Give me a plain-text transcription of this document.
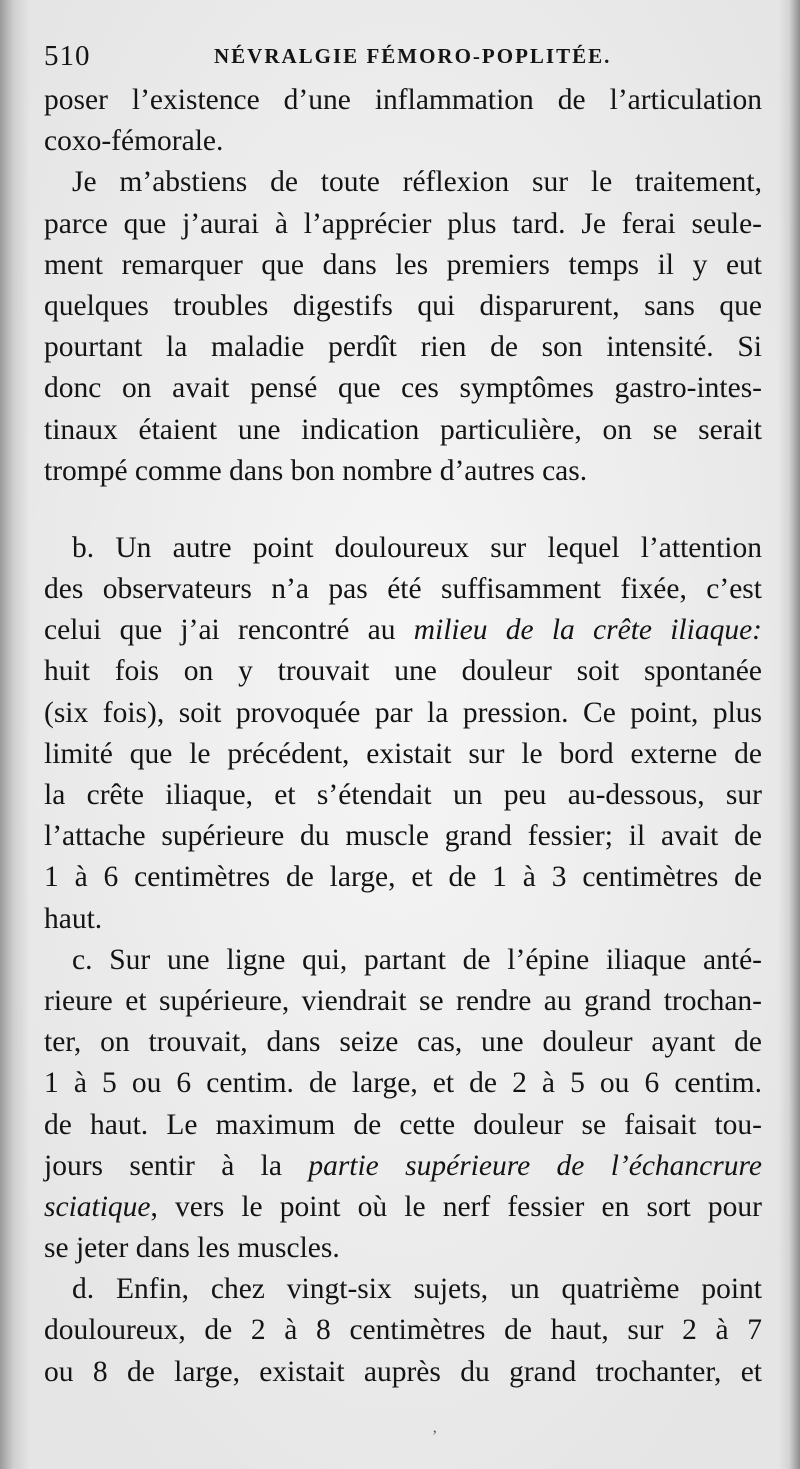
510	NÉVRALGIE FÉMORO-POPLITÉE.
poser l’existence d’une inflammation de l’articulation
coxo-fémorale.
Je m’abstiens de toute réflexion sur le traitement,
parce que j’aurai à l’apprécier plus tard. Je ferai seule-
ment remarquer que dans les premiers temps il y eut
quelques troubles digestifs qui disparurent, sans que
pourtant la maladie perdît rien de son intensité. Si
donc on avait pensé que ces symptômes gastro-intes-
tinaux étaient une indication particulière, on se serait
trompé comme dans bon nombre d’autres cas.
b. Un autre point douloureux sur lequel l’attention
des observateurs n’a pas été suffisamment fixée, c’est
celui que j’ai rencontré au milieu de la crête iliaque:
huit fois on y trouvait une douleur soit spontanée
(six fois), soit provoquée par la pression. Ce point, plus
limité que le précédent, existait sur le bord externe de
la crête iliaque, et s’étendait un peu au-dessous, sur
l’attache supérieure du muscle grand fessier; il avait de
1 à 6 centimètres de large, et de 1 à 3 centimètres de
haut.
c. Sur une ligne qui, partant de l’épine iliaque anté-
rieure et supérieure, viendrait se rendre au grand trochan-
ter, on trouvait, dans seize cas, une douleur ayant de
1 à 5 ou 6 centim. de large, et de 2 à 5 ou 6 centim.
de haut. Le maximum de cette douleur se faisait tou-
jours sentir à la partie supérieure de l’échancrure
sciatique, vers le point où le nerf fessier en sort pour
se jeter dans les muscles.
d. Enfin, chez vingt-six sujets, un quatrième point
douloureux, de 2 à 8 centimètres de haut, sur 2 à 7
ou 8 de large, existait auprès du grand trochanter, et
ʼ
